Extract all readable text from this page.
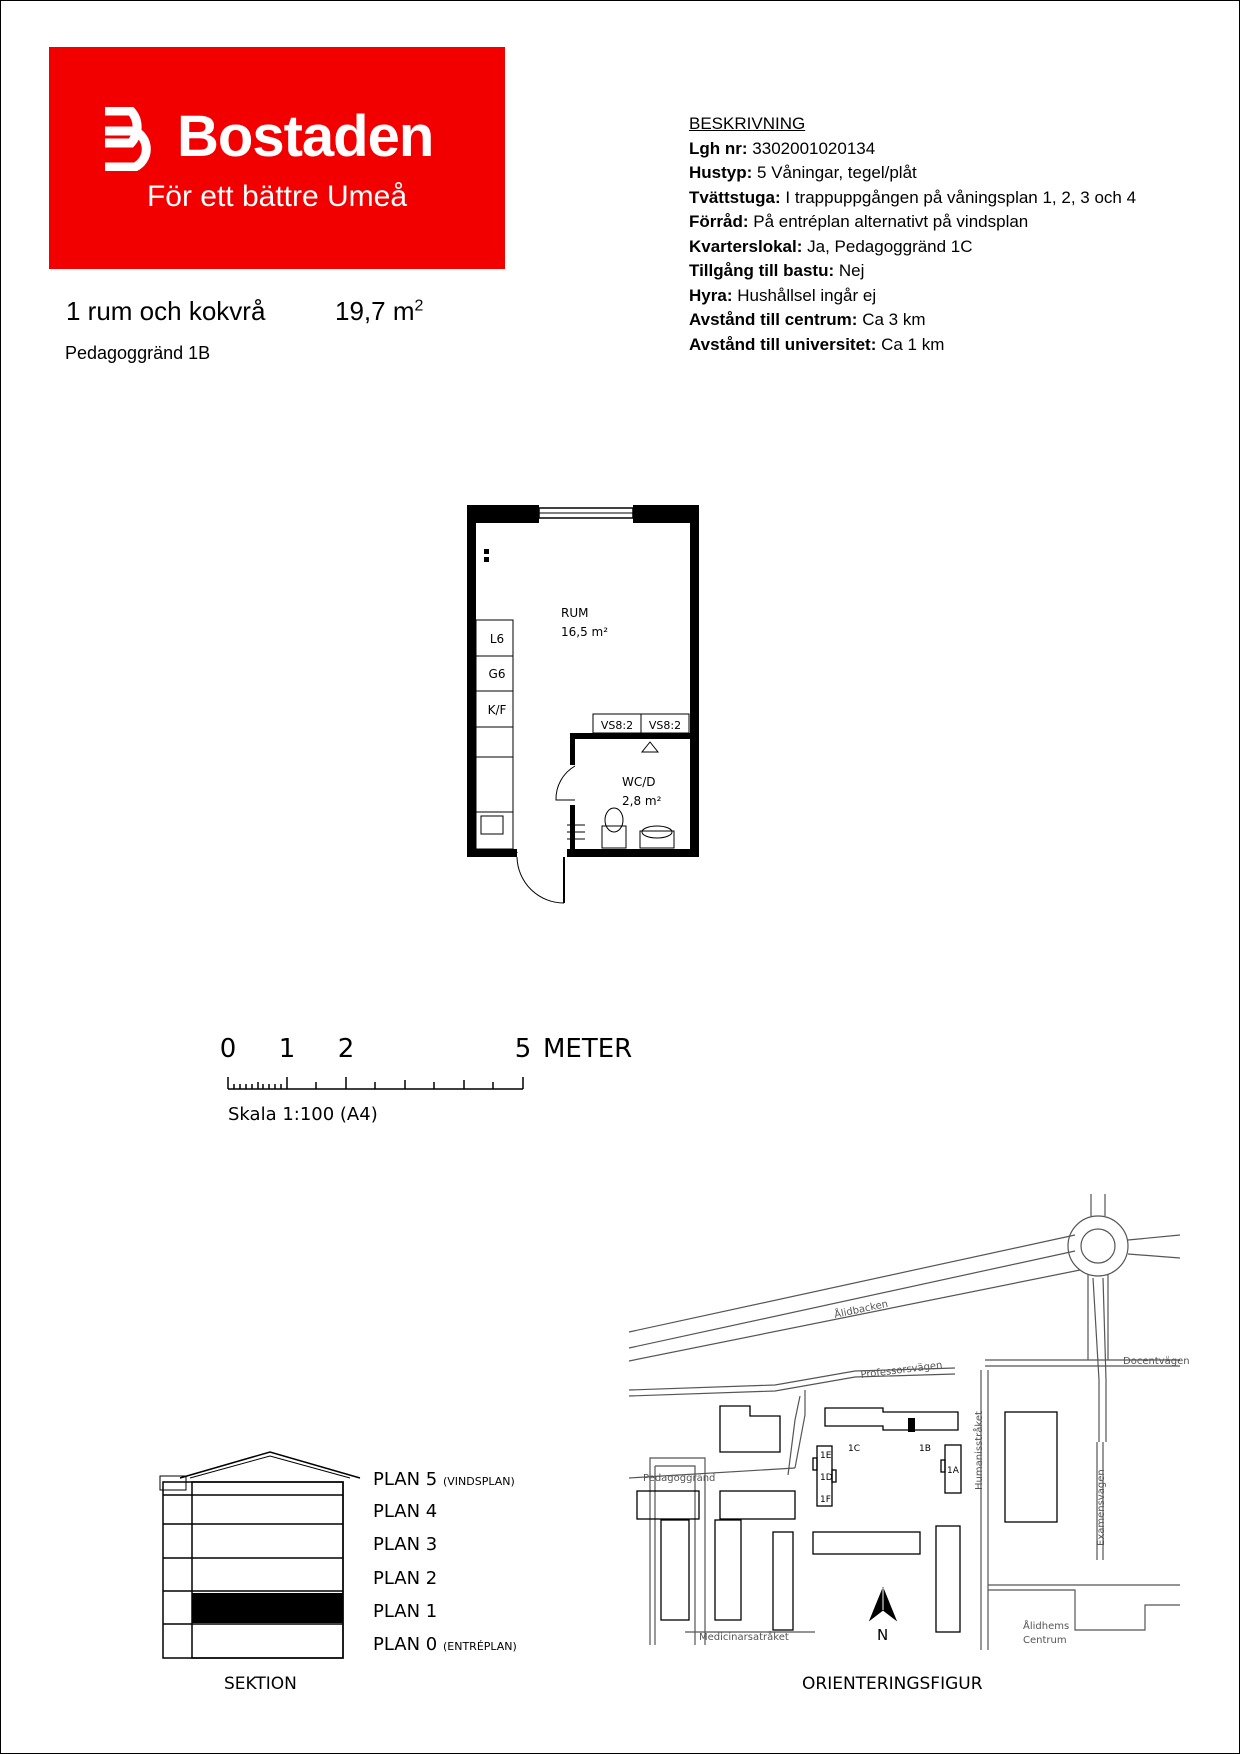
Bostaden
För ett bättre Umeå
1 rum och kokvrå	19,7 $m^2$
Pedagoggränd 1B
BESKRIVNING
Lgh nr: 3302001020134
Hustyp: 5 Våningar, tegel/plåt
Tvättstuga: I trappuppgången på våningsplan 1, 2, 3 och 4
Förråd: På entréplan alternativt på vindsplan
Kvarterslokal: Ja, Pedagoggränd 1C
Tillgång till bastu: Nej
Hyra: Hushållsel ingår ej
Avstånd till centrum: Ca 3 km
Avstånd till universitet: Ca 1 km
VS8:2 VS8:2
L6
G6
K/F
RUM
16,5 m²
WC/D
2,8 m²
0 1 2	5 METER
Skala 1:100 (A4)
PLAN 5 (VINDSPLAN)
PLAN 4
PLAN 3
PLAN 2
PLAN 1
PLAN 0 (ENTRÉPLAN)
SEKTION
N
Ålidbacken
Professorsvägen	Docentvägen
Pedagoggränd	Humanisstråket
Examensvägen
Medicinarsatråket
Ålidhems
Centrum
1C	1B
1E
1D
1F
1A
ORIENTERINGSFIGUR
